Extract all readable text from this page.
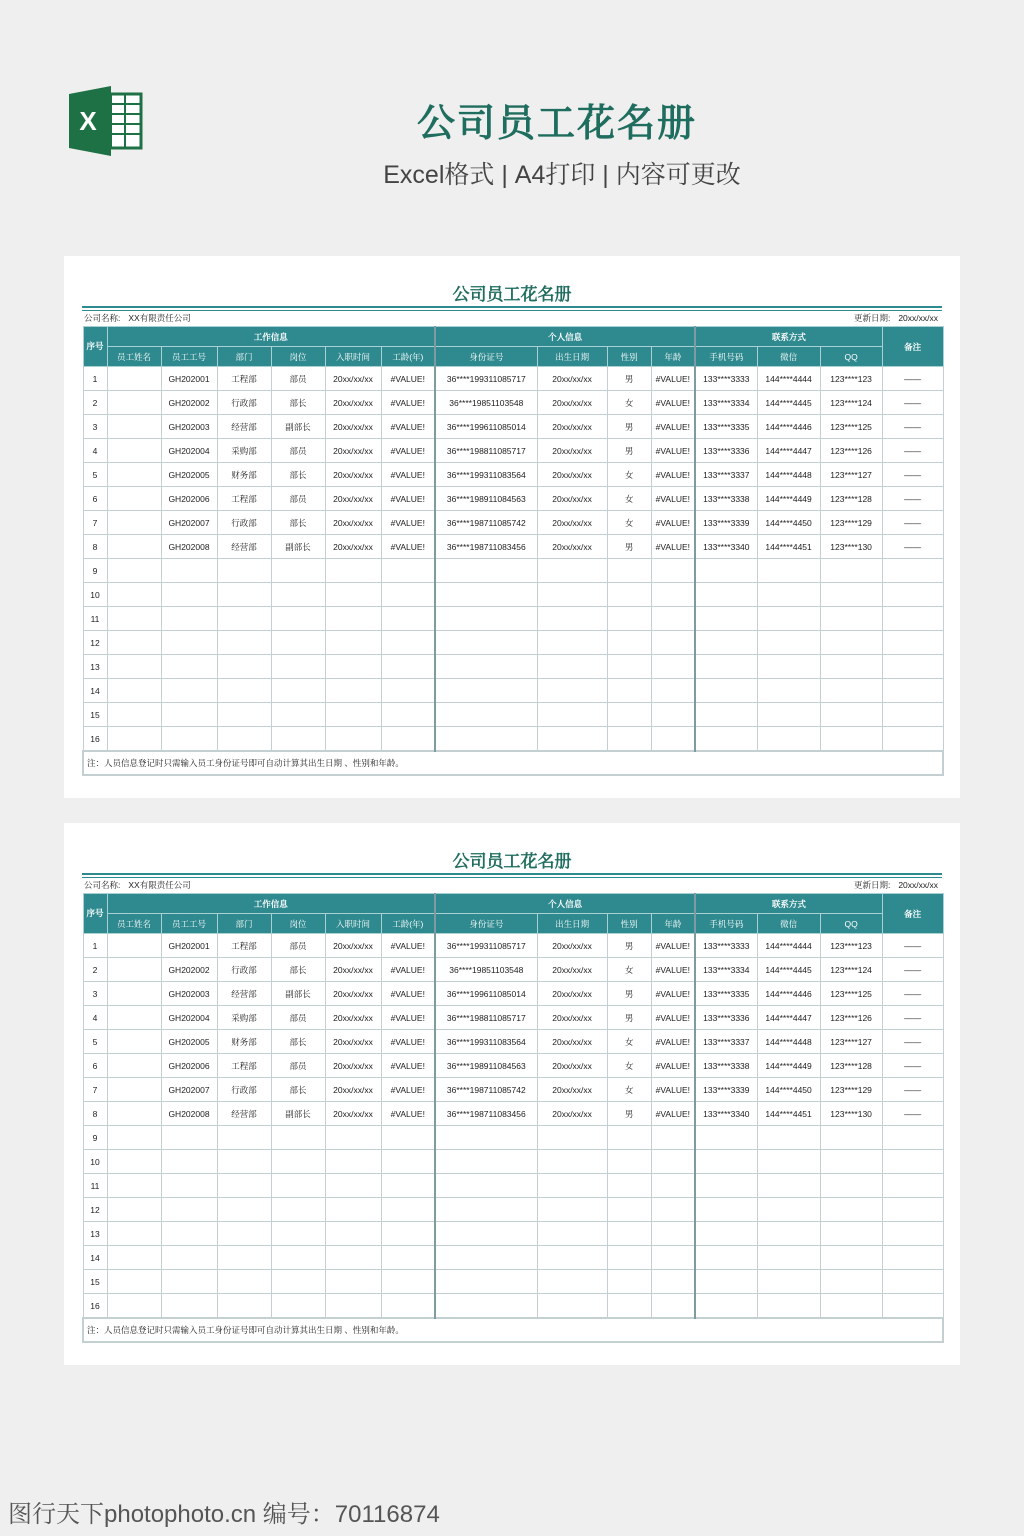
X	公司员工花名册
Excel格式 | A4打印 | 内容可更改
公司员工花名册
公司名称: XX有限责任公司	更新日期: 20xx/xx/xx
序号	工作信息						个人信息				联系方式			备注
	员工姓名	员工工号	部门	岗位	入职时间	工龄(年)	身份证号	出生日期	性别	年龄	手机号码	微信	QQ	
1		GH202001	工程部	部员	20xx/xx/xx	#VALUE!	36****199311085717	20xx/xx/xx	男	#VALUE!	133****3333	144****4444	123****123	——
2		GH202002	行政部	部长	20xx/xx/xx	#VALUE!	36****19851103548	20xx/xx/xx	女	#VALUE!	133****3334	144****4445	123****124	——
3		GH202003	经营部	副部长	20xx/xx/xx	#VALUE!	36****199611085014	20xx/xx/xx	男	#VALUE!	133****3335	144****4446	123****125	——
4		GH202004	采购部	部员	20xx/xx/xx	#VALUE!	36****198811085717	20xx/xx/xx	男	#VALUE!	133****3336	144****4447	123****126	——
5		GH202005	财务部	部长	20xx/xx/xx	#VALUE!	36****199311083564	20xx/xx/xx	女	#VALUE!	133****3337	144****4448	123****127	——
6		GH202006	工程部	部员	20xx/xx/xx	#VALUE!	36****198911084563	20xx/xx/xx	女	#VALUE!	133****3338	144****4449	123****128	——
7		GH202007	行政部	部长	20xx/xx/xx	#VALUE!	36****198711085742	20xx/xx/xx	女	#VALUE!	133****3339	144****4450	123****129	——
8		GH202008	经营部	副部长	20xx/xx/xx	#VALUE!	36****198711083456	20xx/xx/xx	男	#VALUE!	133****3340	144****4451	123****130	——
9														
10														
11														
12														
13														
14														
15														
16														
注：人员信息登记时只需输入员工身份证号即可自动计算其出生日期 、性别和年龄。														
公司员工花名册
公司名称: XX有限责任公司	更新日期: 20xx/xx/xx
序号	工作信息						个人信息				联系方式			备注
	员工姓名	员工工号	部门	岗位	入职时间	工龄(年)	身份证号	出生日期	性别	年龄	手机号码	微信	QQ	
1		GH202001	工程部	部员	20xx/xx/xx	#VALUE!	36****199311085717	20xx/xx/xx	男	#VALUE!	133****3333	144****4444	123****123	——
2		GH202002	行政部	部长	20xx/xx/xx	#VALUE!	36****19851103548	20xx/xx/xx	女	#VALUE!	133****3334	144****4445	123****124	——
3		GH202003	经营部	副部长	20xx/xx/xx	#VALUE!	36****199611085014	20xx/xx/xx	男	#VALUE!	133****3335	144****4446	123****125	——
4		GH202004	采购部	部员	20xx/xx/xx	#VALUE!	36****198811085717	20xx/xx/xx	男	#VALUE!	133****3336	144****4447	123****126	——
5		GH202005	财务部	部长	20xx/xx/xx	#VALUE!	36****199311083564	20xx/xx/xx	女	#VALUE!	133****3337	144****4448	123****127	——
6		GH202006	工程部	部员	20xx/xx/xx	#VALUE!	36****198911084563	20xx/xx/xx	女	#VALUE!	133****3338	144****4449	123****128	——
7		GH202007	行政部	部长	20xx/xx/xx	#VALUE!	36****198711085742	20xx/xx/xx	女	#VALUE!	133****3339	144****4450	123****129	——
8		GH202008	经营部	副部长	20xx/xx/xx	#VALUE!	36****198711083456	20xx/xx/xx	男	#VALUE!	133****3340	144****4451	123****130	——
9														
10														
11														
12														
13														
14														
15														
16														
注：人员信息登记时只需输入员工身份证号即可自动计算其出生日期 、性别和年龄。														
图行天下photophoto.cn 编号：70116874
